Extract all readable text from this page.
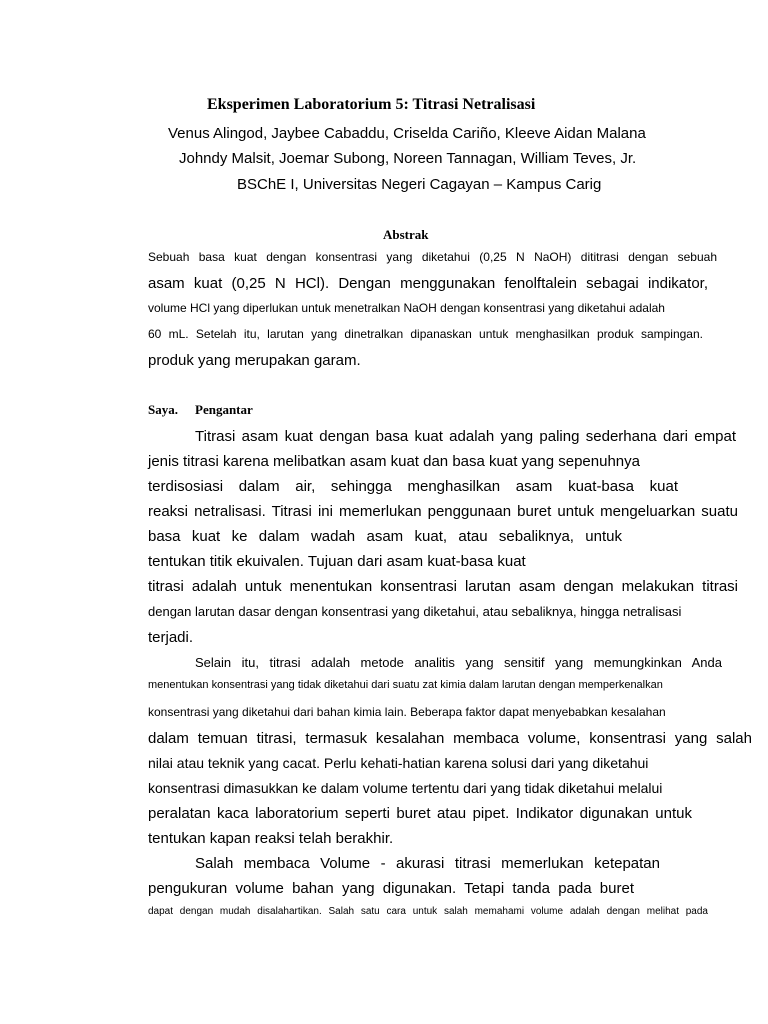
Eksperimen Laboratorium 5: Titrasi Netralisasi
Venus Alingod, Jaybee Cabaddu, Criselda Cariño, Kleeve Aidan Malana
Johndy Malsit, Joemar Subong, Noreen Tannagan, William Teves, Jr.
BSChE I, Universitas Negeri Cagayan – Kampus Carig
Abstrak
Sebuah basa kuat dengan konsentrasi yang diketahui (0,25 N NaOH) dititrasi dengan sebuah
asam kuat (0,25 N HCl). Dengan menggunakan fenolftalein sebagai indikator,
volume HCl yang diperlukan untuk menetralkan NaOH dengan konsentrasi yang diketahui adalah
60 mL. Setelah itu, larutan yang dinetralkan dipanaskan untuk menghasilkan produk sampingan.
produk yang merupakan garam.
Saya. Pengantar
Titrasi asam kuat dengan basa kuat adalah yang paling sederhana dari empat
jenis titrasi karena melibatkan asam kuat dan basa kuat yang sepenuhnya
terdisosiasi dalam air, sehingga menghasilkan asam kuat-basa kuat
reaksi netralisasi. Titrasi ini memerlukan penggunaan buret untuk mengeluarkan suatu
basa kuat ke dalam wadah asam kuat, atau sebaliknya, untuk
tentukan titik ekuivalen. Tujuan dari asam kuat-basa kuat
titrasi adalah untuk menentukan konsentrasi larutan asam dengan melakukan titrasi
dengan larutan dasar dengan konsentrasi yang diketahui, atau sebaliknya, hingga netralisasi
terjadi.
Selain itu, titrasi adalah metode analitis yang sensitif yang memungkinkan Anda
menentukan konsentrasi yang tidak diketahui dari suatu zat kimia dalam larutan dengan memperkenalkan
konsentrasi yang diketahui dari bahan kimia lain. Beberapa faktor dapat menyebabkan kesalahan
dalam temuan titrasi, termasuk kesalahan membaca volume, konsentrasi yang salah
nilai atau teknik yang cacat. Perlu kehati-hatian karena solusi dari yang diketahui
konsentrasi dimasukkan ke dalam volume tertentu dari yang tidak diketahui melalui
peralatan kaca laboratorium seperti buret atau pipet. Indikator digunakan untuk
tentukan kapan reaksi telah berakhir.
Salah membaca Volume - akurasi titrasi memerlukan ketepatan
pengukuran volume bahan yang digunakan. Tetapi tanda pada buret
dapat dengan mudah disalahartikan. Salah satu cara untuk salah memahami volume adalah dengan melihat pada
